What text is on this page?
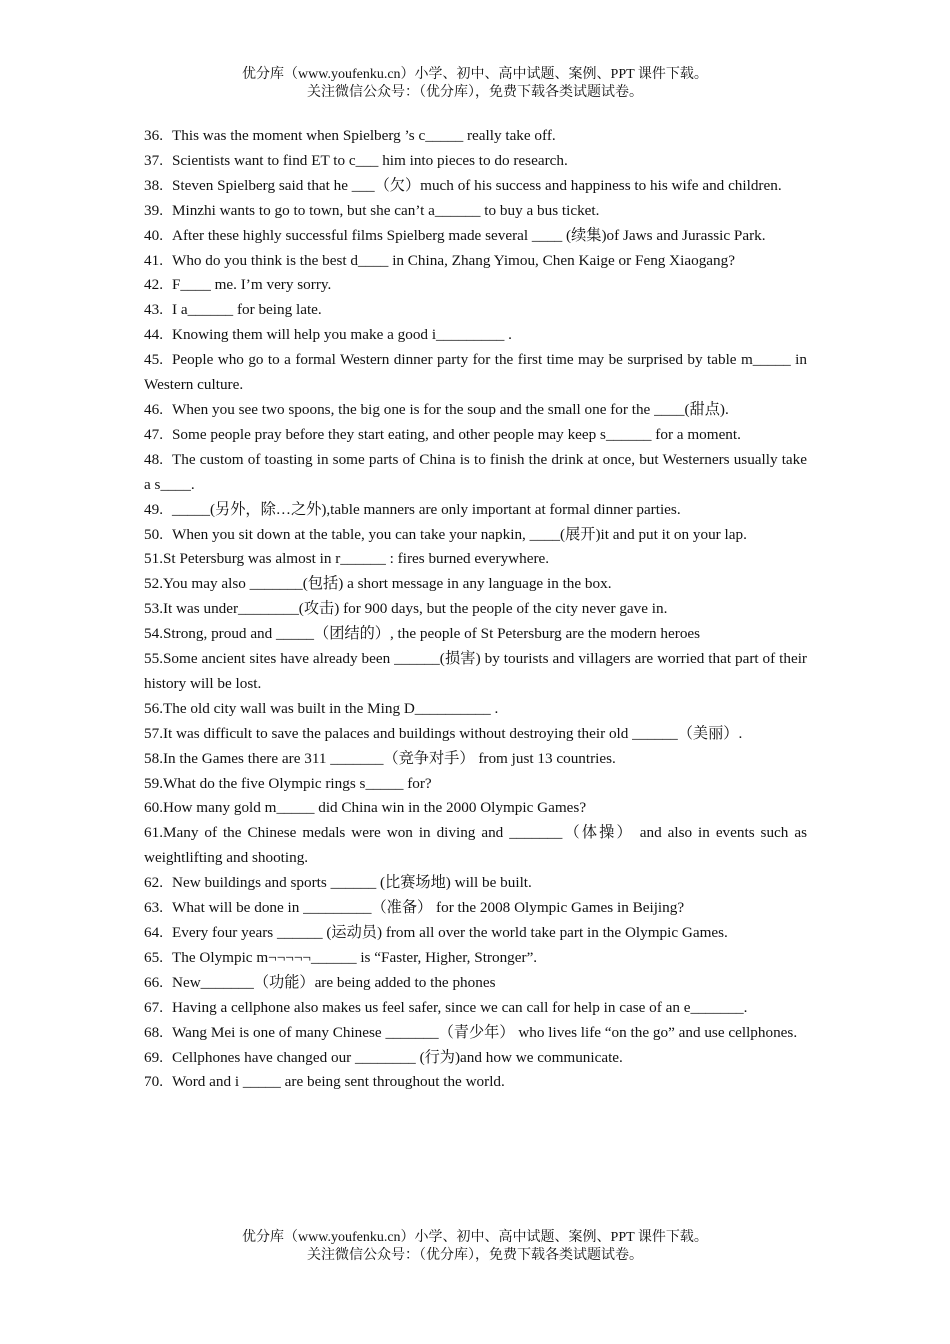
优分库（www.youfenku.cn）小学、初中、高中试题、案例、PPT 课件下载。
关注微信公众号：（优分库），免费下载各类试题试卷。

36. This was the moment when Spielberg ’s c_____ really take off.

37. Scientists want to find ET to c___ him into pieces to do research.

38. Steven Spielberg said that he ___（欠）much of his success and happiness to his wife and children.

39. Minzhi wants to go to town, but she can’t a______ to buy a bus ticket.

40. After these highly successful films Spielberg made several ____ (续集)of Jaws and Jurassic Park.

41. Who do you think is the best d____ in China, Zhang Yimou, Chen Kaige or Feng Xiaogang?

42. F____ me. I’m very sorry.

43. I a______ for being late.

44. Knowing them will help you make a good i_________ .

45. People who go to a formal Western dinner party for the first time may be surprised by table m_____ in Western culture.

46. When you see two spoons, the big one is for the soup and the small one for the ____(甜点).

47. Some people pray before they start eating, and other people may keep s______ for a moment.

48. The custom of toasting in some parts of China is to finish the drink at once, but Westerners usually take a s____.

49. _____(另外，除…之外),table manners are only important at formal dinner parties.

50. When you sit down at the table, you can take your napkin, ____(展开)it and put it on your lap.

51.St Petersburg was almost in r______ : fires burned everywhere.

52.You may also _______(包括) a short message in any language in the box.

53.It was under________(攻击) for 900 days, but the people of the city never gave in.

54.Strong, proud and _____（团结的）, the people of St Petersburg are the modern heroes

55.Some ancient sites have already been ______(损害) by tourists and villagers are worried that part of their history will be lost.

56.The old city wall was built in the Ming D__________ .

57.It was difficult to save the palaces and buildings without destroying their old ______（美丽）.

58.In the Games there are 311 _______（竞争对手） from just 13 countries.

59.What do the five Olympic rings s_____ for?

60.How many gold m_____ did China win in the 2000 Olympic Games?

61.Many of the Chinese medals were won in diving and _______（体操） and also in events such as weightlifting and shooting.

62. New buildings and sports ______ (比赛场地) will be built.

63. What will be done in _________（准备） for the 2008 Olympic Games in Beijing?

64. Every four years ______ (运动员) from all over the world take part in the Olympic Games.

65. The Olympic m¬¬¬¬¬______ is “Faster, Higher, Stronger”.

66. New_______（功能）are being added to the phones

67. Having a cellphone also makes us feel safer, since we can call for help in case of an e_______.

68. Wang Mei is one of many Chinese _______（青少年） who lives life “on the go” and use cellphones.

69. Cellphones have changed our ________ (行为)and how we communicate.

70. Word and i _____ are being sent throughout the world.

优分库（www.youfenku.cn）小学、初中、高中试题、案例、PPT 课件下载。
关注微信公众号：（优分库），免费下载各类试题试卷。
